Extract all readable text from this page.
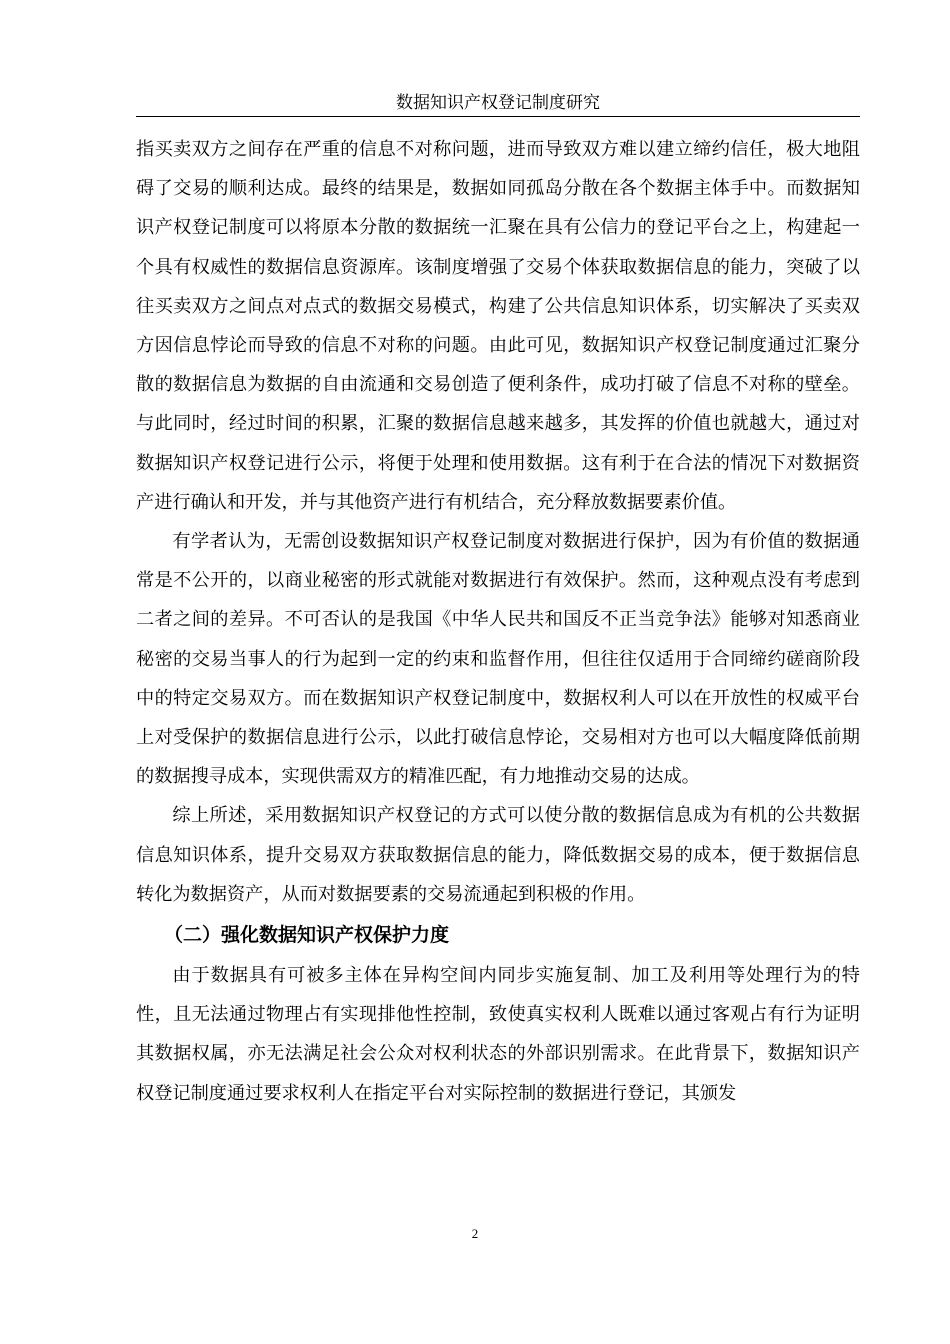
数据知识产权登记制度研究

指买卖双方之间存在严重的信息不对称问题，进而导致双方难以建立缔约信任，极大地阻碍了交易的顺利达成。最终的结果是，数据如同孤岛分散在各个数据主体手中。而数据知识产权登记制度可以将原本分散的数据统一汇聚在具有公信力的登记平台之上，构建起一个具有权威性的数据信息资源库。该制度增强了交易个体获取数据信息的能力，突破了以往买卖双方之间点对点式的数据交易模式，构建了公共信息知识体系，切实解决了买卖双方因信息悖论而导致的信息不对称的问题。由此可见，数据知识产权登记制度通过汇聚分散的数据信息为数据的自由流通和交易创造了便利条件，成功打破了信息不对称的壁垒。与此同时，经过时间的积累，汇聚的数据信息越来越多，其发挥的价值也就越大，通过对数据知识产权登记进行公示，将便于处理和使用数据。这有利于在合法的情况下对数据资产进行确认和开发，并与其他资产进行有机结合，充分释放数据要素价值。

有学者认为，无需创设数据知识产权登记制度对数据进行保护，因为有价值的数据通常是不公开的，以商业秘密的形式就能对数据进行有效保护。然而，这种观点没有考虑到二者之间的差异。不可否认的是我国《中华人民共和国反不正当竞争法》能够对知悉商业秘密的交易当事人的行为起到一定的约束和监督作用，但往往仅适用于合同缔约磋商阶段中的特定交易双方。而在数据知识产权登记制度中，数据权利人可以在开放性的权威平台上对受保护的数据信息进行公示，以此打破信息悖论，交易相对方也可以大幅度降低前期的数据搜寻成本，实现供需双方的精准匹配，有力地推动交易的达成。

综上所述，采用数据知识产权登记的方式可以使分散的数据信息成为有机的公共数据信息知识体系，提升交易双方获取数据信息的能力，降低数据交易的成本，便于数据信息转化为数据资产，从而对数据要素的交易流通起到积极的作用。

（二）强化数据知识产权保护力度

由于数据具有可被多主体在异构空间内同步实施复制、加工及利用等处理行为的特性，且无法通过物理占有实现排他性控制，致使真实权利人既难以通过客观占有行为证明其数据权属，亦无法满足社会公众对权利状态的外部识别需求。在此背景下，数据知识产权登记制度通过要求权利人在指定平台对实际控制的数据进行登记，其颁发

2
